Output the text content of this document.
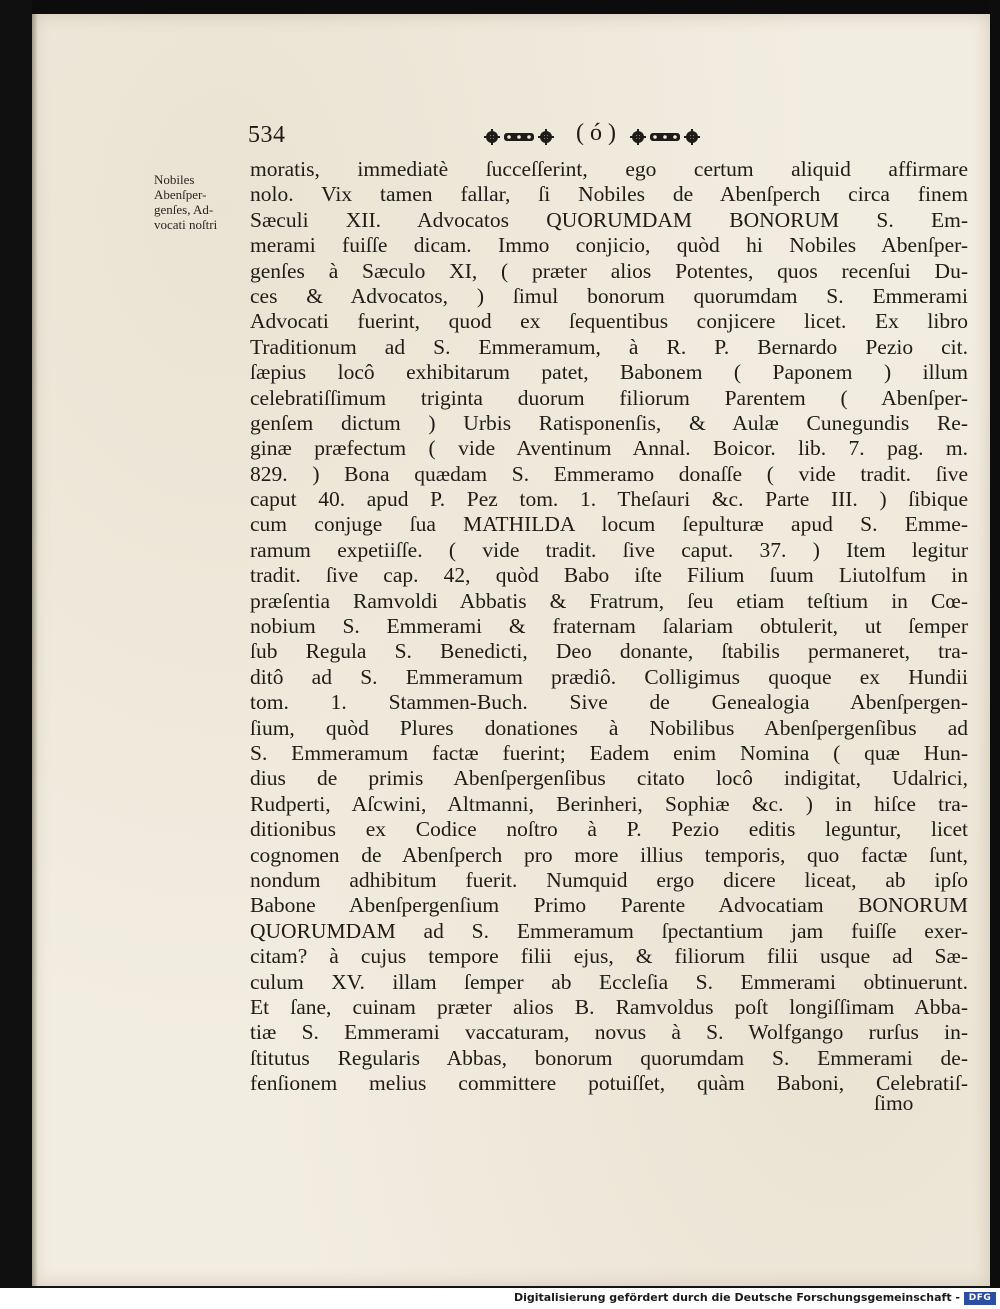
534	( ó )
Nobiles
Abenſper-
genſes, Ad-
vocati noſtri
moratis, immediatè ſucceſſerint, ego certum aliquid affirmare
nolo. Vix tamen fallar, ſi Nobiles de Abenſperch circa finem
Sæculi XII. Advocatos QUORUMDAM BONORUM S. Em-
merami fuiſſe dicam. Immo conjicio, quòd hi Nobiles Abenſper-
genſes à Sæculo XI, ( præter alios Potentes, quos recenſui Du-
ces & Advocatos, ) ſimul bonorum quorumdam S. Emmerami
Advocati fuerint, quod ex ſequentibus conjicere licet. Ex libro
Traditionum ad S. Emmeramum, à R. P. Bernardo Pezio cit.
ſæpius locô exhibitarum patet, Babonem ( Paponem ) illum
celebratiſſimum triginta duorum filiorum Parentem ( Abenſper-
genſem dictum ) Urbis Ratisponenſis, & Aulæ Cunegundis Re-
ginæ præfectum ( vide Aventinum Annal. Boicor. lib. 7. pag. m.
829. ) Bona quædam S. Emmeramo donaſſe ( vide tradit. ſive
caput 40. apud P. Pez tom. 1. Theſauri &c. Parte III. ) ſibique
cum conjuge ſua MATHILDA locum ſepulturæ apud S. Emme-
ramum expetiiſſe. ( vide tradit. ſive caput. 37. ) Item legitur
tradit. ſive cap. 42, quòd Babo iſte Filium ſuum Liutolfum in
præſentia Ramvoldi Abbatis & Fratrum, ſeu etiam teſtium in Cœ-
nobium S. Emmerami & fraternam ſalariam obtulerit, ut ſemper
ſub Regula S. Benedicti, Deo donante, ſtabilis permaneret, tra-
ditô ad S. Emmeramum prædiô. Colligimus quoque ex Hundii
tom. 1. Stammen-Buch. Sive de Genealogia Abenſpergen-
ſium, quòd Plures donationes à Nobilibus Abenſpergenſibus ad
S. Emmeramum factæ fuerint; Eadem enim Nomina ( quæ Hun-
dius de primis Abenſpergenſibus citato locô indigitat, Udalrici,
Rudperti, Aſcwini, Altmanni, Berinheri, Sophiæ &c. ) in hiſce tra-
ditionibus ex Codice noſtro à P. Pezio editis leguntur, licet
cognomen de Abenſperch pro more illius temporis, quo factæ ſunt,
nondum adhibitum fuerit. Numquid ergo dicere liceat, ab ipſo
Babone Abenſpergenſium Primo Parente Advocatiam BONORUM
QUORUMDAM ad S. Emmeramum ſpectantium jam fuiſſe exer-
citam? à cujus tempore filii ejus, & filiorum filii usque ad Sæ-
culum XV. illam ſemper ab Eccleſia S. Emmerami obtinuerunt.
Et ſane, cuinam præter alios B. Ramvoldus poſt longiſſimam Abba-
tiæ S. Emmerami vaccaturam, novus à S. Wolfgango rurſus in-
ſtitutus Regularis Abbas, bonorum quorumdam S. Emmerami de-
fenſionem melius committere potuiſſet, quàm Baboni, Celebratiſ-
ſimo
Digitalisierung gefördert durch die Deutsche Forschungsgemeinschaft - DFG
